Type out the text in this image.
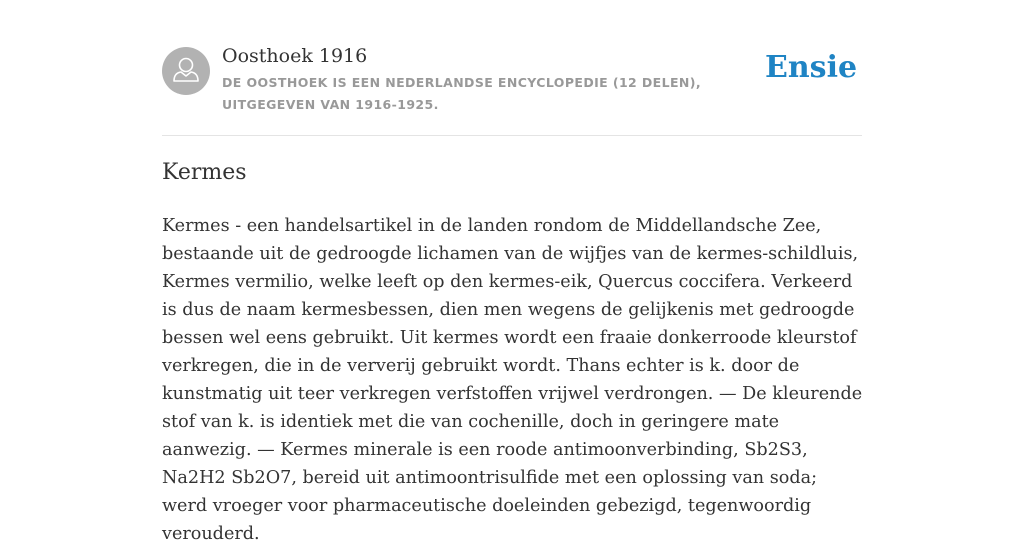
Oosthoek 1916
DE OOSTHOEK IS EEN NEDERLANDSE ENCYCLOPEDIE (12 DELEN), UITGEGEVEN VAN 1916-1925.
Ensie
Kermes

Kermes - een handelsartikel in de landen rondom de Middellandsche Zee, bestaande uit de gedroogde lichamen van de wijfjes van de kermes-schildluis, Kermes vermilio, welke leeft op den kermes-eik, Quercus coccifera. Verkeerd is dus de naam kermesbessen, dien men wegens de gelijkenis met gedroogde bessen wel eens gebruikt. Uit kermes wordt een fraaie donkerroode kleurstof verkregen, die in de ververij gebruikt wordt. Thans echter is k. door de kunstmatig uit teer verkregen verfstoffen vrijwel verdrongen. — De kleurende stof van k. is identiek met die van cochenille, doch in geringere mate aanwezig. — Kermes minerale is een roode antimoonverbinding, Sb2S3, Na2H2 Sb2O7, bereid uit antimoontrisulfide met een oplossing van soda; werd vroeger voor pharmaceutische doeleinden gebezigd, tegenwoordig verouderd.
